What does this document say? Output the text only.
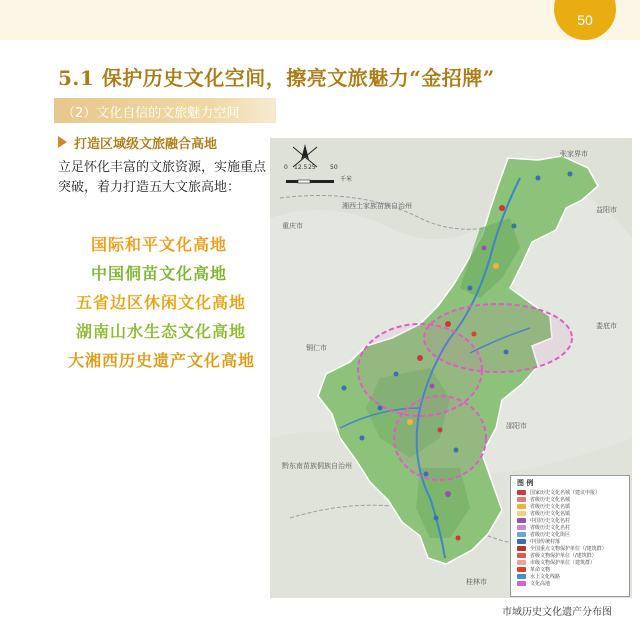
50
5.1 保护历史文化空间，擦亮文旅魅力“金招牌”
（2）文化自信的文旅魅力空间
打造区域级文旅融合高地
立足怀化丰富的文旅资源，实施重点突破，着力打造五大文旅高地：
国际和平文化高地
中国侗苗文化高地
五省边区休闲文化高地
湖南山水生态文化高地
大湘西历史遗产文化高地
张家界市
湘西土家族苗族自治州
重庆市
铜仁市
益阳市
娄底市
邵阳市
黔东南苗族侗族自治州
桂林市
0 12.5 25 50
千米
图 例
国家历史文化名城（建议申报）
省级历史文化名城
省级历史文化名镇
省级历史文化名镇
中国历史文化名村
省级历史文化名村
省级历史文化街区
中国传统村落
全国重点文物保护单位（/建筑群）
省级文物保护单位（/建筑群）
市级文物保护单位（建筑群）
革命文物
水上文化线路
文化高地
市域历史文化遗产分布图
